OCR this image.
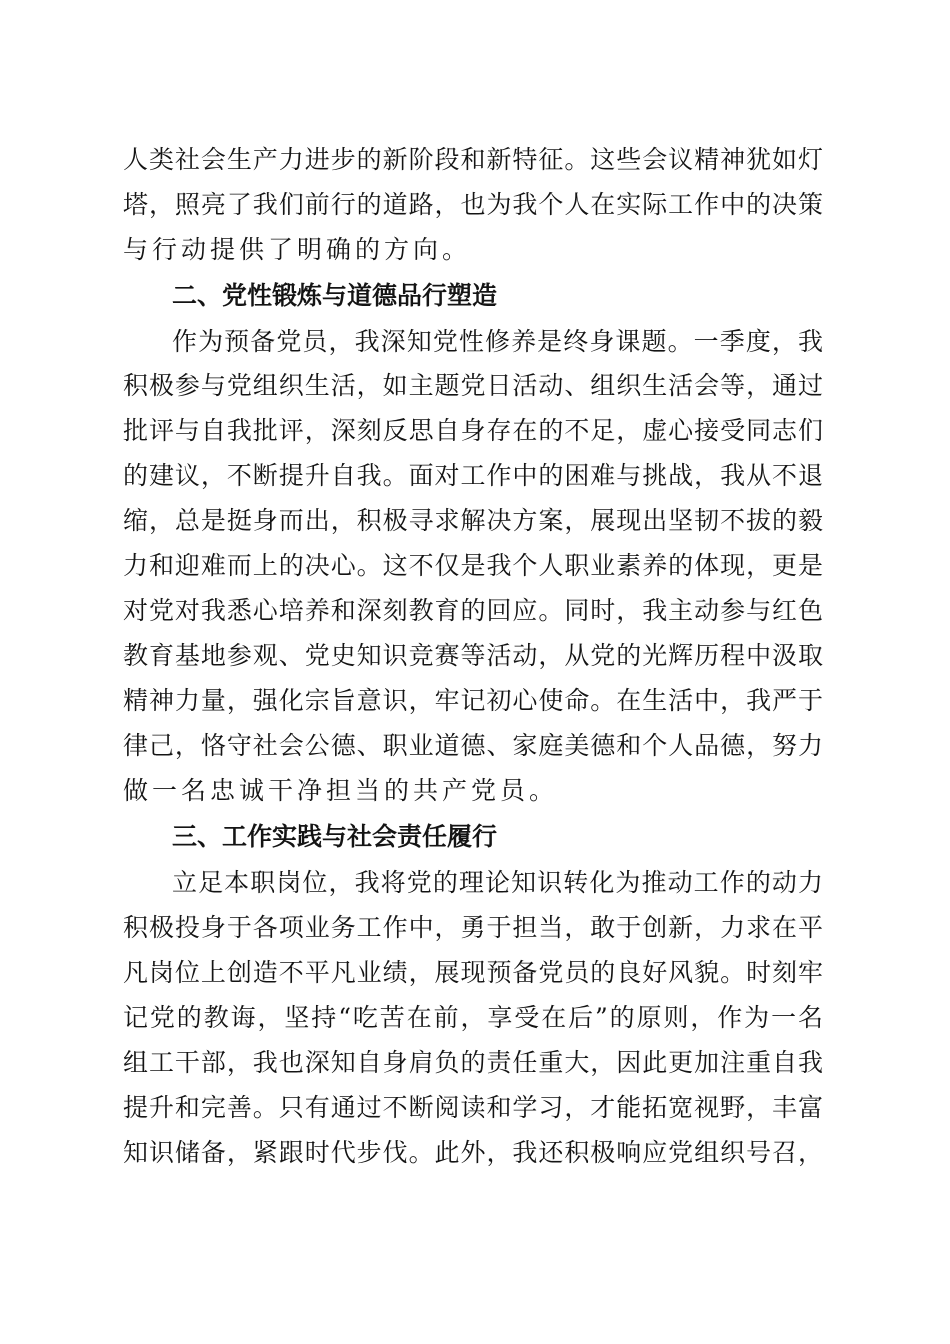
人类社会生产力进步的新阶段和新特征。这些会议精神犹如灯
塔，照亮了我们前行的道路，也为我个人在实际工作中的决策
与行动提供了明确的方向。
二、党性锻炼与道德品行塑造
作为预备党员，我深知党性修养是终身课题。一季度，我
积极参与党组织生活，如主题党日活动、组织生活会等，通过
批评与自我批评，深刻反思自身存在的不足，虚心接受同志们
的建议，不断提升自我。面对工作中的困难与挑战，我从不退
缩，总是挺身而出，积极寻求解决方案，展现出坚韧不拔的毅
力和迎难而上的决心。这不仅是我个人职业素养的体现，更是
对党对我悉心培养和深刻教育的回应。同时，我主动参与红色
教育基地参观、党史知识竞赛等活动，从党的光辉历程中汲取
精神力量，强化宗旨意识，牢记初心使命。在生活中，我严于
律己，恪守社会公德、职业道德、家庭美德和个人品德，努力
做一名忠诚干净担当的共产党员。
三、工作实践与社会责任履行
立足本职岗位，我将党的理论知识转化为推动工作的动力
积极投身于各项业务工作中，勇于担当，敢于创新，力求在平
凡岗位上创造不平凡业绩，展现预备党员的良好风貌。时刻牢
记党的教诲，坚持“吃苦在前，享受在后”的原则，作为一名
组工干部，我也深知自身肩负的责任重大，因此更加注重自我
提升和完善。只有通过不断阅读和学习，才能拓宽视野，丰富
知识储备，紧跟时代步伐。此外，我还积极响应党组织号召，
